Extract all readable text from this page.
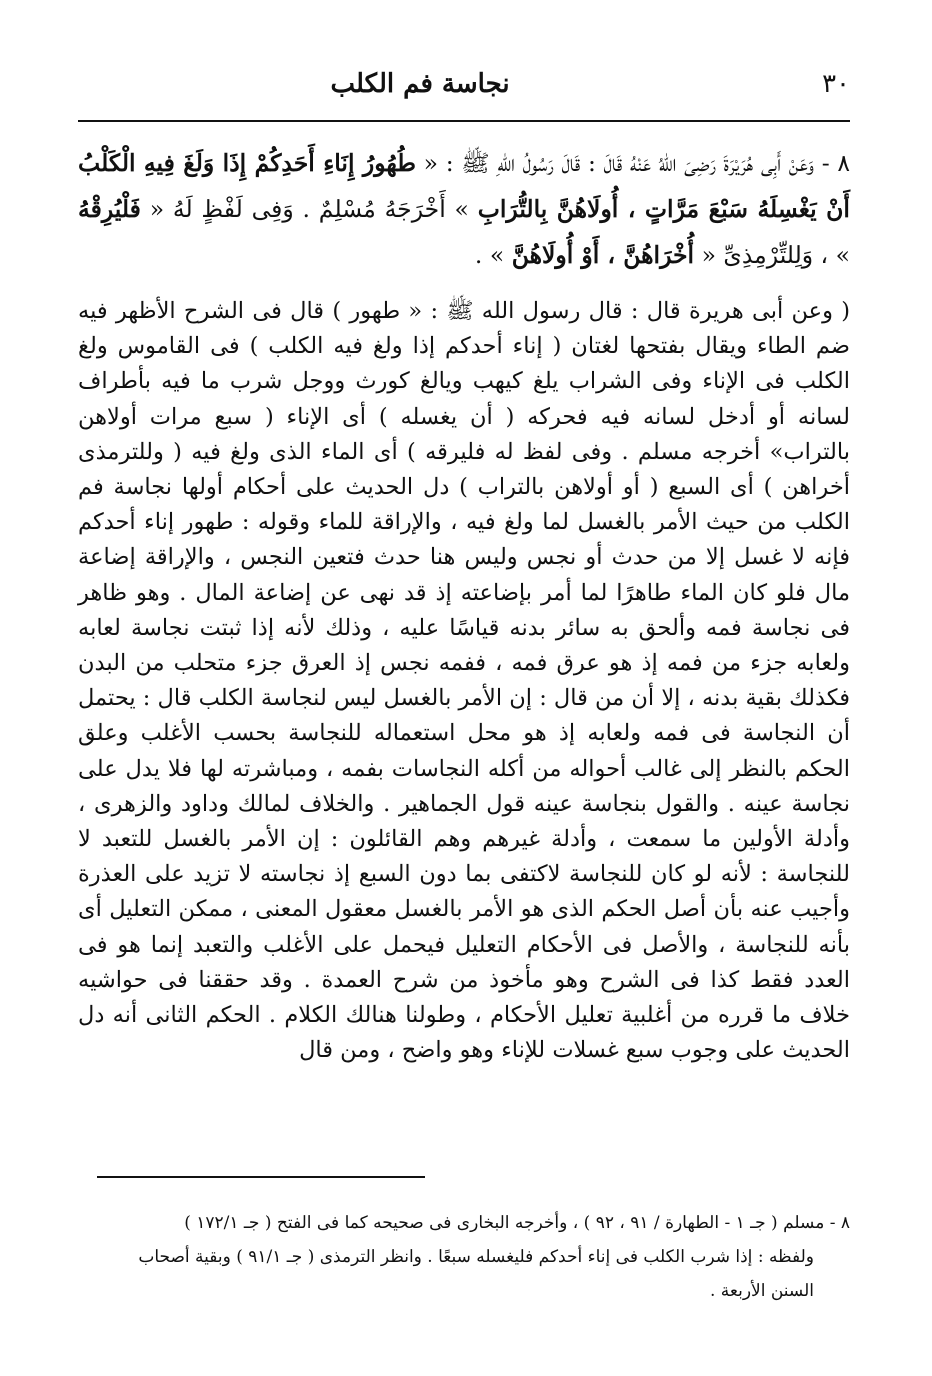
٣٠
نجاسة فم الكلب
٨ - وَعَنْ أَبِى هُرَيْرَةَ رَضِىَ اللهُ عَنْهُ قَالَ : قَالَ رَسُولُ اللهِ ﷺ : « طُهُورُ إِنَاءِ أَحَدِكُمْ إِذَا وَلَغَ فِيهِ الْكَلْبُ أَنْ يَغْسِلَهُ سَبْعَ مَرَّاتٍ ، أُولَاهُنَّ بِالتُّرَابِ » أَخْرَجَهُ مُسْلِمٌ . وَفِى لَفْظٍ لَهُ « فَلْيُرِقْهُ » ، وَلِلتِّرْمِذِىِّ « أُخْرَاهُنَّ ، أَوْ أُولَاهُنَّ » .
( وعن أبى هريرة قال : قال رسول الله ﷺ : « طهور ) قال فى الشرح الأظهر فيه ضم الطاء ويقال بفتحها لغتان ( إناء أحدكم إذا ولغ فيه الكلب ) فى القاموس ولغ الكلب فى الإناء وفى الشراب يلغ كيهب ويالغ كورث ووجل شرب ما فيه بأطراف لسانه أو أدخل لسانه فيه فحركه ( أن يغسله ) أى الإناء ( سبع مرات أولاهن بالتراب» أخرجه مسلم . وفى لفظ له فليرقه ) أى الماء الذى ولغ فيه ( وللترمذى أخراهن ) أى السبع ( أو أولاهن بالتراب ) دل الحديث على أحكام أولها نجاسة فم الكلب من حيث الأمر بالغسل لما ولغ فيه ، والإراقة للماء وقوله : طهور إناء أحدكم فإنه لا غسل إلا من حدث أو نجس وليس هنا حدث فتعين النجس ، والإراقة إضاعة مال فلو كان الماء طاهرًا لما أمر بإضاعته إذ قد نهى عن إضاعة المال . وهو ظاهر فى نجاسة فمه وألحق به سائر بدنه قياسًا عليه ، وذلك لأنه إذا ثبتت نجاسة لعابه ولعابه جزء من فمه إذ هو عرق فمه ، ففمه نجس إذ العرق جزء متحلب من البدن فكذلك بقية بدنه ، إلا أن من قال : إن الأمر بالغسل ليس لنجاسة الكلب قال : يحتمل أن النجاسة فى فمه ولعابه إذ هو محل استعماله للنجاسة بحسب الأغلب وعلق الحكم بالنظر إلى غالب أحواله من أكله النجاسات بفمه ، ومباشرته لها فلا يدل على نجاسة عينه . والقول بنجاسة عينه قول الجماهير . والخلاف لمالك وداود والزهرى ، وأدلة الأولين ما سمعت ، وأدلة غيرهم وهم القائلون : إن الأمر بالغسل للتعبد لا للنجاسة : لأنه لو كان للنجاسة لاكتفى بما دون السبع إذ نجاسته لا تزيد على العذرة وأجيب عنه بأن أصل الحكم الذى هو الأمر بالغسل معقول المعنى ، ممكن التعليل أى بأنه للنجاسة ، والأصل فى الأحكام التعليل فيحمل على الأغلب والتعبد إنما هو فى العدد فقط كذا فى الشرح وهو مأخوذ من شرح العمدة . وقد حققنا فى حواشيه خلاف ما قرره من أغلبية تعليل الأحكام ، وطولنا هنالك الكلام . الحكم الثانى أنه دل الحديث على وجوب سبع غسلات للإناء وهو واضح ، ومن قال
٨ - مسلم ( جـ ١ - الطهارة / ٩١ ، ٩٢ ) ، وأخرجه البخارى فى صحيحه كما فى الفتح ( جـ ١٧٢/١ )
ولفظه : إذا شرب الكلب فى إناء أحدكم فليغسله سبعًا . وانظر الترمذى ( جـ ٩١/١ ) وبقية أصحاب
السنن الأربعة .
